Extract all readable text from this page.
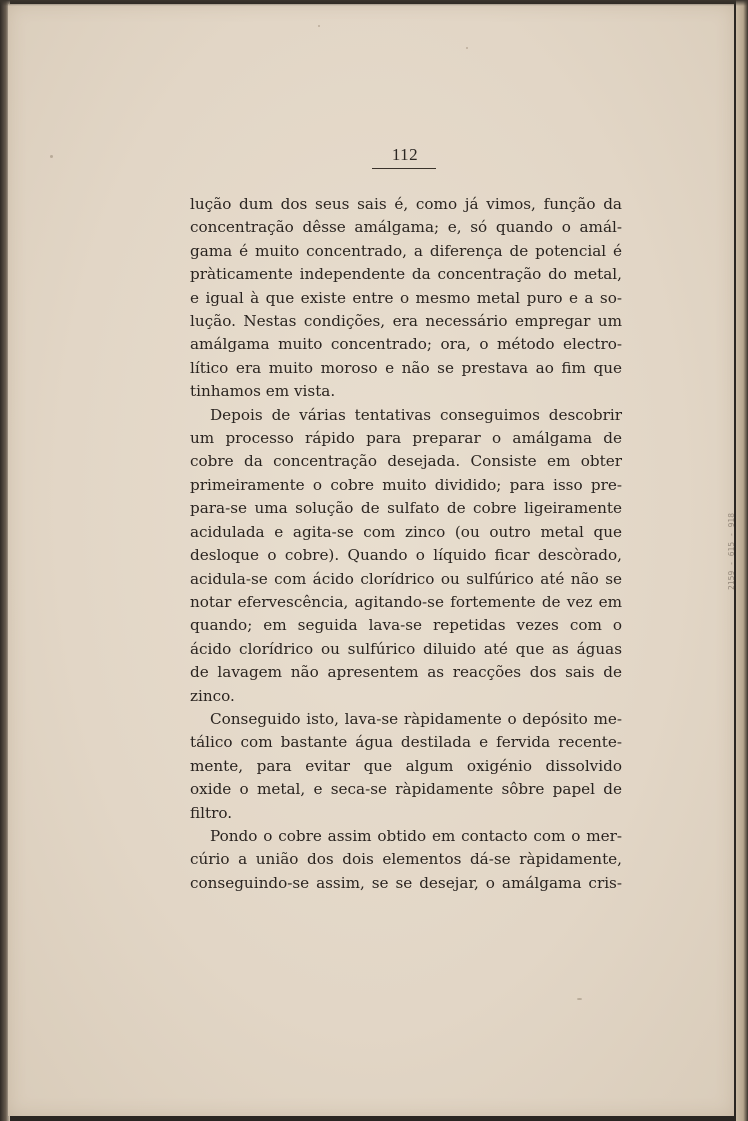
112
lução dum dos seus sais é, como já vimos, função da
concentração dêsse amálgama; e, só quando o amál-
gama é muito concentrado, a diferença de potencial é
pràticamente independente da concentração do metal,
e igual à que existe entre o mesmo metal puro e a so-
lução. Nestas condições, era necessário empregar um
amálgama muito concentrado; ora, o método electro-
lítico era muito moroso e não se prestava ao fim que
tinhamos em vista.
Depois de várias tentativas conseguimos descobrir
um processo rápido para preparar o amálgama de
cobre da concentração desejada. Consiste em obter
primeiramente o cobre muito dividido; para isso pre-
para-se uma solução de sulfato de cobre ligeiramente
acidulada e agita-se com zinco (ou outro metal que
desloque o cobre). Quando o líquido ficar descòrado,
acidula-se com ácido clorídrico ou sulfúrico até não se
notar efervescência, agitando-se fortemente de vez em
quando; em seguida lava-se repetidas vezes com o
ácido clorídrico ou sulfúrico diluido até que as águas
de lavagem não apresentem as reacções dos sais de
zinco.
Conseguido isto, lava-se ràpidamente o depósito me-
tálico com bastante água destilada e fervida recente-
mente, para evitar que algum oxigénio dissolvido
oxide o metal, e seca-se ràpidamente sôbre papel de
filtro.
Pondo o cobre assim obtido em contacto com o mer-
cúrio a união dos dois elementos dá-se ràpidamente,
conseguindo-se assim, se se desejar, o amálgama cris-
2159 - 615 - 918
